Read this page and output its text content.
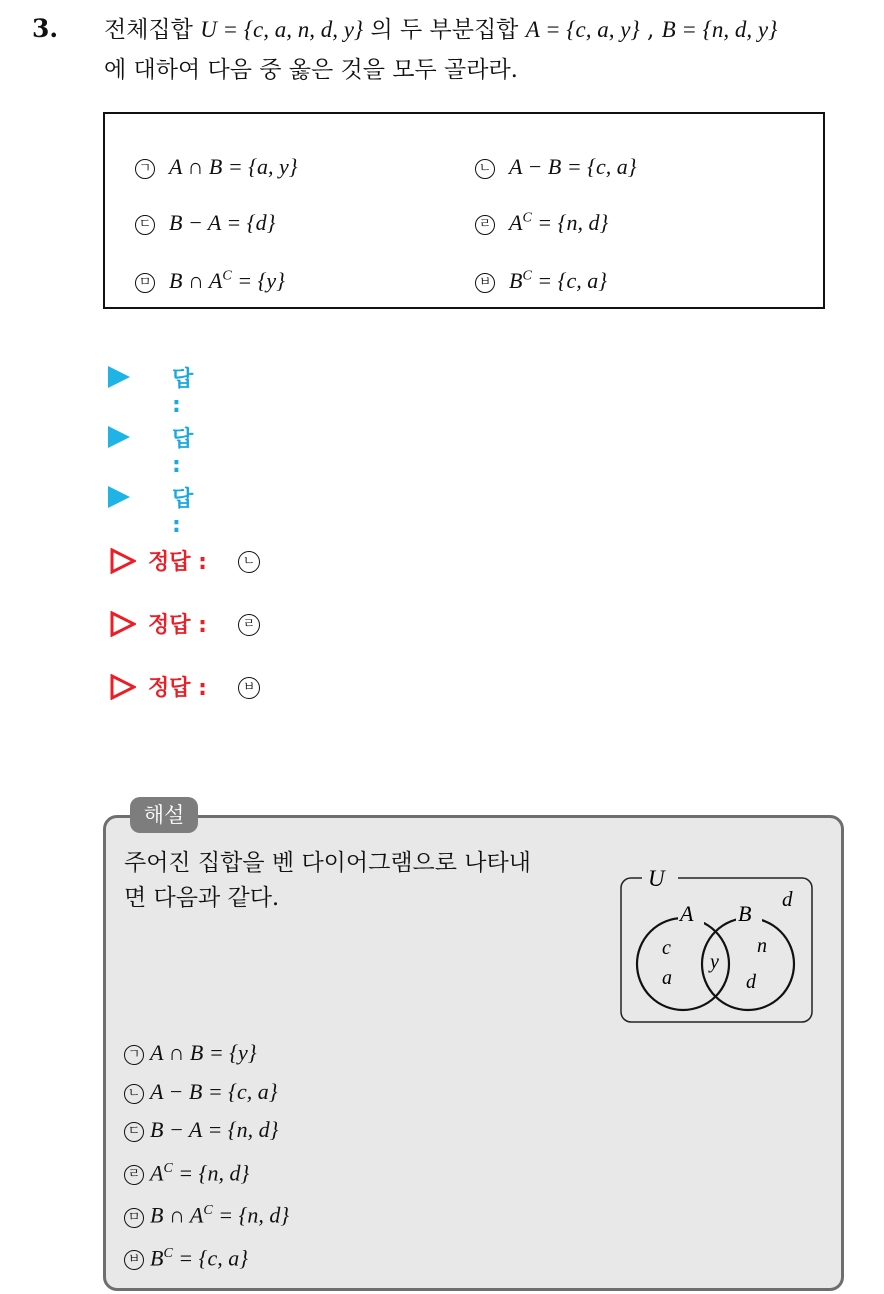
3. 전체집합 U = {c, a, n, d, y} 의 두 부분집합 A = {c, a, y} , B = {n, d, y}
에 대하여 다음 중 옳은 것을 모두 골라라.
ㄱ A ∩ B = {a, y}	ㄴ A − B = {c, a}
ㄷ B − A = {d}	ㄹ $A^C = \{n$, d}
ㅁ B ∩ $A^C = \{y\}$	ㅂ $B^C = \{c$, a}
답 :
답 :
답 :
정답 :	ㄴ
정답 :	ㄹ
정답 :	ㅂ
해설
주어진 집합을 벤 다이어그램으로 나타내
면 다음과 같다.
U
A B
d
c
a
y
n
d
ㄱ A ∩ B = {y}
ㄴ A − B = {c, a}
ㄷ B − A = {n, d}
ㄹ $A^C = \{n$, d}
ㅁ B ∩ $A^C = \{n$, d}
ㅂ $B^C = \{c$, a}
